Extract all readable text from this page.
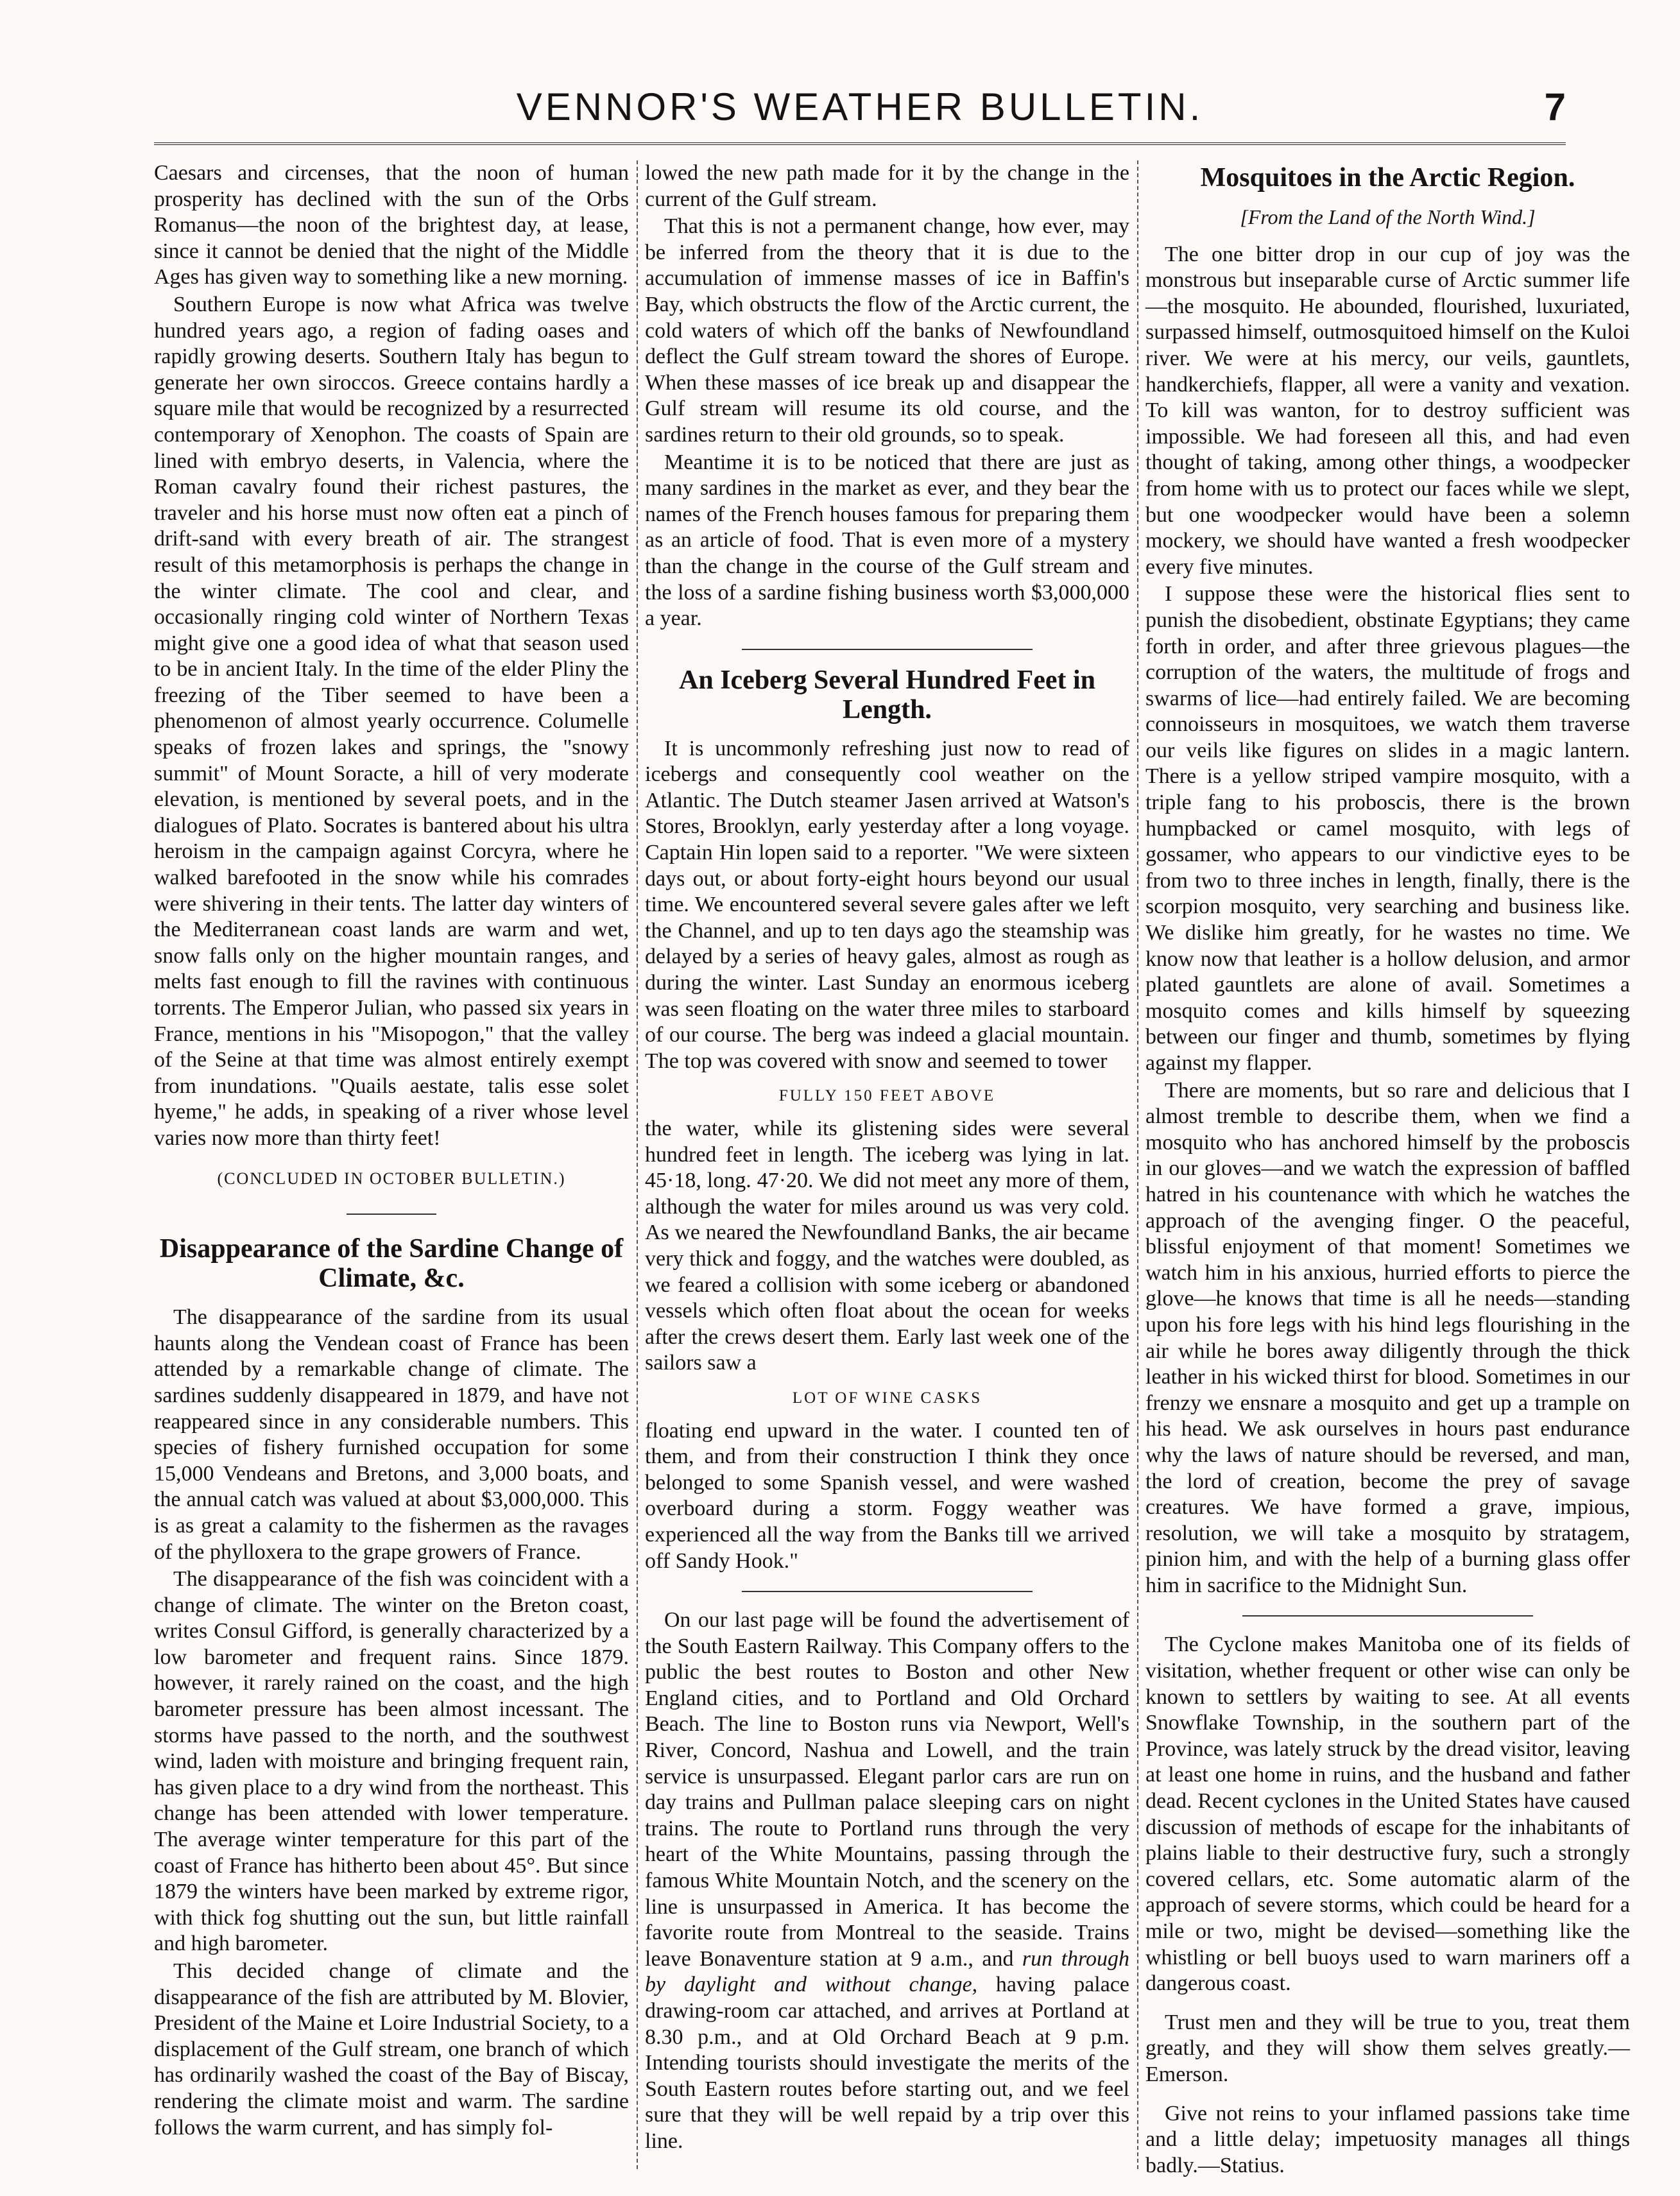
VENNOR'S WEATHER BULLETIN.	7

Caesars and circenses, that the noon of human prosperity has declined with the sun of the Orbs Romanus—the noon of the brightest day, at lease, since it cannot be denied that the night of the Middle Ages has given way to something like a new morning.

Southern Europe is now what Africa was twelve hundred years ago, a region of fading oases and rapidly growing deserts. Southern Italy has begun to generate her own siroccos. Greece contains hardly a square mile that would be recognized by a resurrected contemporary of Xenophon. The coasts of Spain are lined with embryo deserts, in Valencia, where the Roman cavalry found their richest pastures, the traveler and his horse must now often eat a pinch of drift-sand with every breath of air. The strangest result of this metamorphosis is perhaps the change in the winter climate. The cool and clear, and occasionally ringing cold winter of Northern Texas might give one a good idea of what that season used to be in ancient Italy. In the time of the elder Pliny the freezing of the Tiber seemed to have been a phenomenon of almost yearly occurrence. Columelle speaks of frozen lakes and springs, the "snowy summit" of Mount Soracte, a hill of very moderate elevation, is mentioned by several poets, and in the dialogues of Plato. Socrates is bantered about his ultra heroism in the campaign against Corcyra, where he walked barefooted in the snow while his comrades were shivering in their tents. The latter day winters of the Mediterranean coast lands are warm and wet, snow falls only on the higher mountain ranges, and melts fast enough to fill the ravines with continuous torrents. The Emperor Julian, who passed six years in France, mentions in his "Misopogon," that the valley of the Seine at that time was almost entirely exempt from inundations. "Quails aestate, talis esse solet hyeme," he adds, in speaking of a river whose level varies now more than thirty feet!

(CONCLUDED IN OCTOBER BULLETIN.)
Disappearance of the Sardine Change of Climate, &c.

The disappearance of the sardine from its usual haunts along the Vendean coast of France has been attended by a remarkable change of climate. The sardines suddenly disappeared in 1879, and have not reappeared since in any considerable numbers. This species of fishery furnished occupation for some 15,000 Vendeans and Bretons, and 3,000 boats, and the annual catch was valued at about $3,000,000. This is as great a calamity to the fishermen as the ravages of the phylloxera to the grape growers of France.

The disappearance of the fish was coincident with a change of climate. The winter on the Breton coast, writes Consul Gifford, is generally characterized by a low barometer and frequent rains. Since 1879. however, it rarely rained on the coast, and the high barometer pressure has been almost incessant. The storms have passed to the north, and the southwest wind, laden with moisture and bringing frequent rain, has given place to a dry wind from the northeast. This change has been attended with lower temperature. The average winter temperature for this part of the coast of France has hitherto been about 45°. But since 1879 the winters have been marked by extreme rigor, with thick fog shutting out the sun, but little rainfall and high barometer.

This decided change of climate and the disappearance of the fish are attributed by M. Blovier, President of the Maine et Loire Industrial Society, to a displacement of the Gulf stream, one branch of which has ordinarily washed the coast of the Bay of Biscay, rendering the climate moist and warm. The sardine follows the warm current, and has simply fol-

lowed the new path made for it by the change in the current of the Gulf stream.

That this is not a permanent change, how ever, may be inferred from the theory that it is due to the accumulation of immense masses of ice in Baffin's Bay, which obstructs the flow of the Arctic current, the cold waters of which off the banks of Newfoundland deflect the Gulf stream toward the shores of Europe. When these masses of ice break up and disappear the Gulf stream will resume its old course, and the sardines return to their old grounds, so to speak.

Meantime it is to be noticed that there are just as many sardines in the market as ever, and they bear the names of the French houses famous for preparing them as an article of food. That is even more of a mystery than the change in the course of the Gulf stream and the loss of a sardine fishing business worth $3,000,000 a year.

An Iceberg Several Hundred Feet in Length.

It is uncommonly refreshing just now to read of icebergs and consequently cool weather on the Atlantic. The Dutch steamer Jasen arrived at Watson's Stores, Brooklyn, early yesterday after a long voyage. Captain Hin lopen said to a reporter. "We were sixteen days out, or about forty-eight hours beyond our usual time. We encountered several severe gales after we left the Channel, and up to ten days ago the steamship was delayed by a series of heavy gales, almost as rough as during the winter. Last Sunday an enormous iceberg was seen floating on the water three miles to starboard of our course. The berg was indeed a glacial mountain. The top was covered with snow and seemed to tower

FULLY 150 FEET ABOVE

the water, while its glistening sides were several hundred feet in length. The iceberg was lying in lat. 45·18, long. 47·20. We did not meet any more of them, although the water for miles around us was very cold. As we neared the Newfoundland Banks, the air became very thick and foggy, and the watches were doubled, as we feared a collision with some iceberg or abandoned vessels which often float about the ocean for weeks after the crews desert them. Early last week one of the sailors saw a

LOT OF WINE CASKS

floating end upward in the water. I counted ten of them, and from their construction I think they once belonged to some Spanish vessel, and were washed overboard during a storm. Foggy weather was experienced all the way from the Banks till we arrived off Sandy Hook."

On our last page will be found the advertisement of the South Eastern Railway. This Company offers to the public the best routes to Boston and other New England cities, and to Portland and Old Orchard Beach. The line to Boston runs via Newport, Well's River, Concord, Nashua and Lowell, and the train service is unsurpassed. Elegant parlor cars are run on day trains and Pullman palace sleeping cars on night trains. The route to Portland runs through the very heart of the White Mountains, passing through the famous White Mountain Notch, and the scenery on the line is unsurpassed in America. It has become the favorite route from Montreal to the seaside. Trains leave Bonaventure station at 9 a.m., and run through by daylight and without change, having palace drawing-room car attached, and arrives at Portland at 8.30 p.m., and at Old Orchard Beach at 9 p.m. Intending tourists should investigate the merits of the South Eastern routes before starting out, and we feel sure that they will be well repaid by a trip over this line.

Mosquitoes in the Arctic Region.
[From the Land of the North Wind.]

The one bitter drop in our cup of joy was the monstrous but inseparable curse of Arctic summer life—the mosquito. He abounded, flourished, luxuriated, surpassed himself, outmosquitoed himself on the Kuloi river. We were at his mercy, our veils, gauntlets, handkerchiefs, flapper, all were a vanity and vexation. To kill was wanton, for to destroy sufficient was impossible. We had foreseen all this, and had even thought of taking, among other things, a woodpecker from home with us to protect our faces while we slept, but one woodpecker would have been a solemn mockery, we should have wanted a fresh woodpecker every five minutes.

I suppose these were the historical flies sent to punish the disobedient, obstinate Egyptians; they came forth in order, and after three grievous plagues—the corruption of the waters, the multitude of frogs and swarms of lice—had entirely failed. We are becoming connoisseurs in mosquitoes, we watch them traverse our veils like figures on slides in a magic lantern. There is a yellow striped vampire mosquito, with a triple fang to his proboscis, there is the brown humpbacked or camel mosquito, with legs of gossamer, who appears to our vindictive eyes to be from two to three inches in length, finally, there is the scorpion mosquito, very searching and business like. We dislike him greatly, for he wastes no time. We know now that leather is a hollow delusion, and armor plated gauntlets are alone of avail. Sometimes a mosquito comes and kills himself by squeezing between our finger and thumb, sometimes by flying against my flapper.

There are moments, but so rare and delicious that I almost tremble to describe them, when we find a mosquito who has anchored himself by the proboscis in our gloves—and we watch the expression of baffled hatred in his countenance with which he watches the approach of the avenging finger. O the peaceful, blissful enjoyment of that moment! Sometimes we watch him in his anxious, hurried efforts to pierce the glove—he knows that time is all he needs—standing upon his fore legs with his hind legs flourishing in the air while he bores away diligently through the thick leather in his wicked thirst for blood. Sometimes in our frenzy we ensnare a mosquito and get up a trample on his head. We ask ourselves in hours past endurance why the laws of nature should be reversed, and man, the lord of creation, become the prey of savage creatures. We have formed a grave, impious, resolution, we will take a mosquito by stratagem, pinion him, and with the help of a burning glass offer him in sacrifice to the Midnight Sun.

The Cyclone makes Manitoba one of its fields of visitation, whether frequent or other wise can only be known to settlers by waiting to see. At all events Snowflake Township, in the southern part of the Province, was lately struck by the dread visitor, leaving at least one home in ruins, and the husband and father dead. Recent cyclones in the United States have caused discussion of methods of escape for the inhabitants of plains liable to their destructive fury, such a strongly covered cellars, etc. Some automatic alarm of the approach of severe storms, which could be heard for a mile or two, might be devised—something like the whistling or bell buoys used to warn mariners off a dangerous coast.

Trust men and they will be true to you, treat them greatly, and they will show them selves greatly.—Emerson.

Give not reins to your inflamed passions take time and a little delay; impetuosity manages all things badly.—Statius.
